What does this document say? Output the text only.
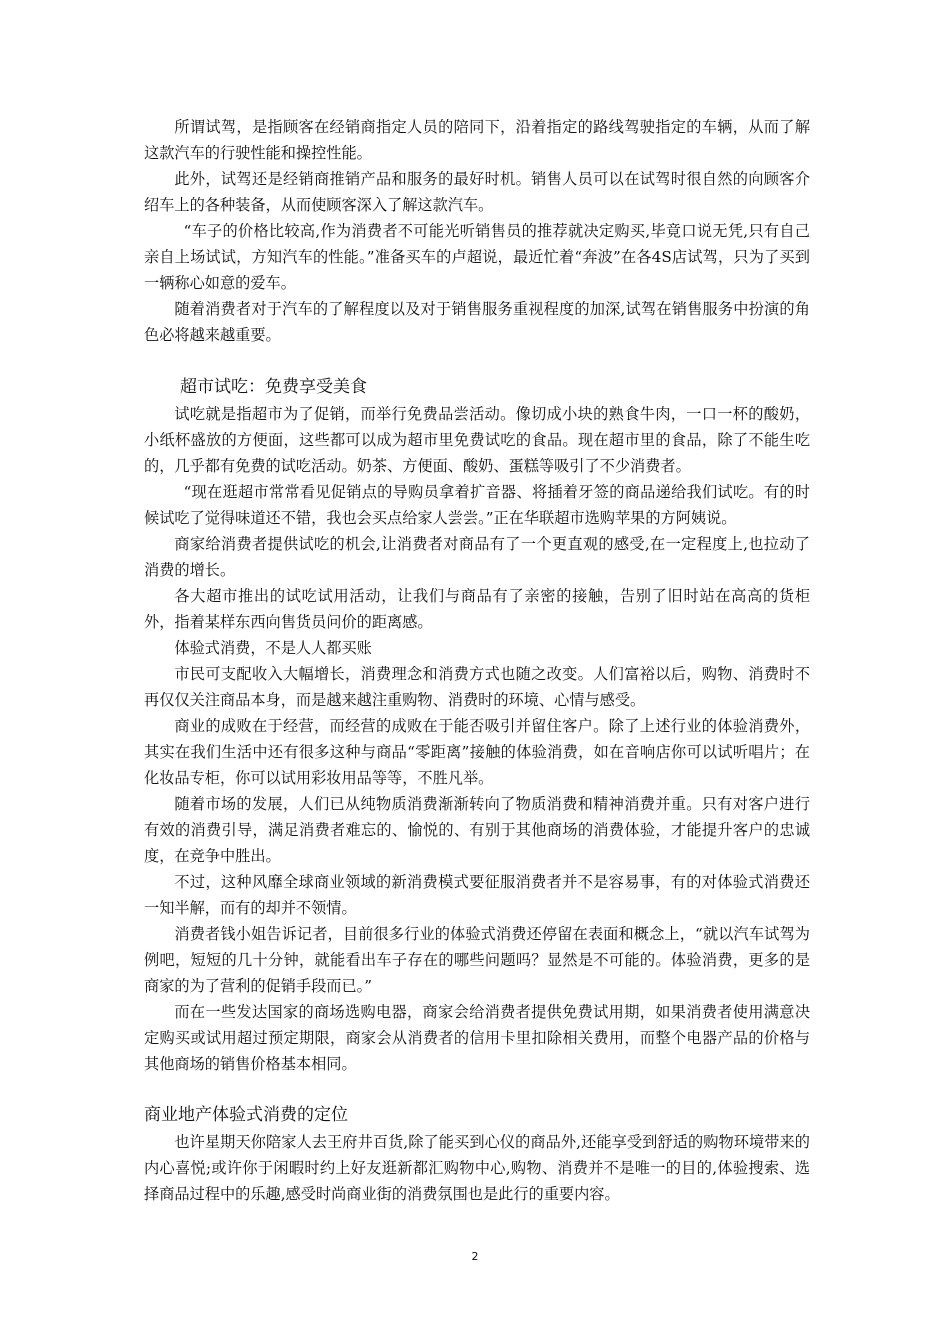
所谓试驾，是指顾客在经销商指定人员的陪同下，沿着指定的路线驾驶指定的车辆，从而了解这款汽车的行驶性能和操控性能。

此外，试驾还是经销商推销产品和服务的最好时机。销售人员可以在试驾时很自然的向顾客介绍车上的各种装备，从而使顾客深入了解这款汽车。

“车子的价格比较高,作为消费者不可能光听销售员的推荐就决定购买,毕竟口说无凭,只有自己亲自上场试试，方知汽车的性能。”准备买车的卢超说，最近忙着“奔波”在各4S店试驾，只为了买到一辆称心如意的爱车。

随着消费者对于汽车的了解程度以及对于销售服务重视程度的加深,试驾在销售服务中扮演的角色必将越来越重要。

超市试吃：免费享受美食

试吃就是指超市为了促销，而举行免费品尝活动。像切成小块的熟食牛肉，一口一杯的酸奶，小纸杯盛放的方便面，这些都可以成为超市里免费试吃的食品。现在超市里的食品，除了不能生吃的，几乎都有免费的试吃活动。奶茶、方便面、酸奶、蛋糕等吸引了不少消费者。

“现在逛超市常常看见促销点的导购员拿着扩音器、将插着牙签的商品递给我们试吃。有的时候试吃了觉得味道还不错，我也会买点给家人尝尝。”正在华联超市选购苹果的方阿姨说。

商家给消费者提供试吃的机会,让消费者对商品有了一个更直观的感受,在一定程度上,也拉动了消费的增长。

各大超市推出的试吃试用活动，让我们与商品有了亲密的接触，告别了旧时站在高高的货柜外，指着某样东西向售货员问价的距离感。

体验式消费，不是人人都买账

市民可支配收入大幅增长，消费理念和消费方式也随之改变。人们富裕以后，购物、消费时不再仅仅关注商品本身，而是越来越注重购物、消费时的环境、心情与感受。

商业的成败在于经营，而经营的成败在于能否吸引并留住客户。除了上述行业的体验消费外，其实在我们生活中还有很多这种与商品“零距离”接触的体验消费，如在音响店你可以试听唱片；在化妆品专柜，你可以试用彩妆用品等等，不胜凡举。

随着市场的发展，人们已从纯物质消费渐渐转向了物质消费和精神消费并重。只有对客户进行有效的消费引导，满足消费者难忘的、愉悦的、有别于其他商场的消费体验，才能提升客户的忠诚度，在竞争中胜出。

不过，这种风靡全球商业领域的新消费模式要征服消费者并不是容易事，有的对体验式消费还一知半解，而有的却并不领情。

消费者钱小姐告诉记者，目前很多行业的体验式消费还停留在表面和概念上，“就以汽车试驾为例吧，短短的几十分钟，就能看出车子存在的哪些问题吗？显然是不可能的。体验消费，更多的是商家的为了营利的促销手段而已。”

而在一些发达国家的商场选购电器，商家会给消费者提供免费试用期，如果消费者使用满意决定购买或试用超过预定期限，商家会从消费者的信用卡里扣除相关费用，而整个电器产品的价格与其他商场的销售价格基本相同。

商业地产体验式消费的定位

也许星期天你陪家人去王府井百货,除了能买到心仪的商品外,还能享受到舒适的购物环境带来的内心喜悦;或许你于闲暇时约上好友逛新都汇购物中心,购物、消费并不是唯一的目的,体验搜索、选择商品过程中的乐趣,感受时尚商业街的消费氛围也是此行的重要内容。

2
